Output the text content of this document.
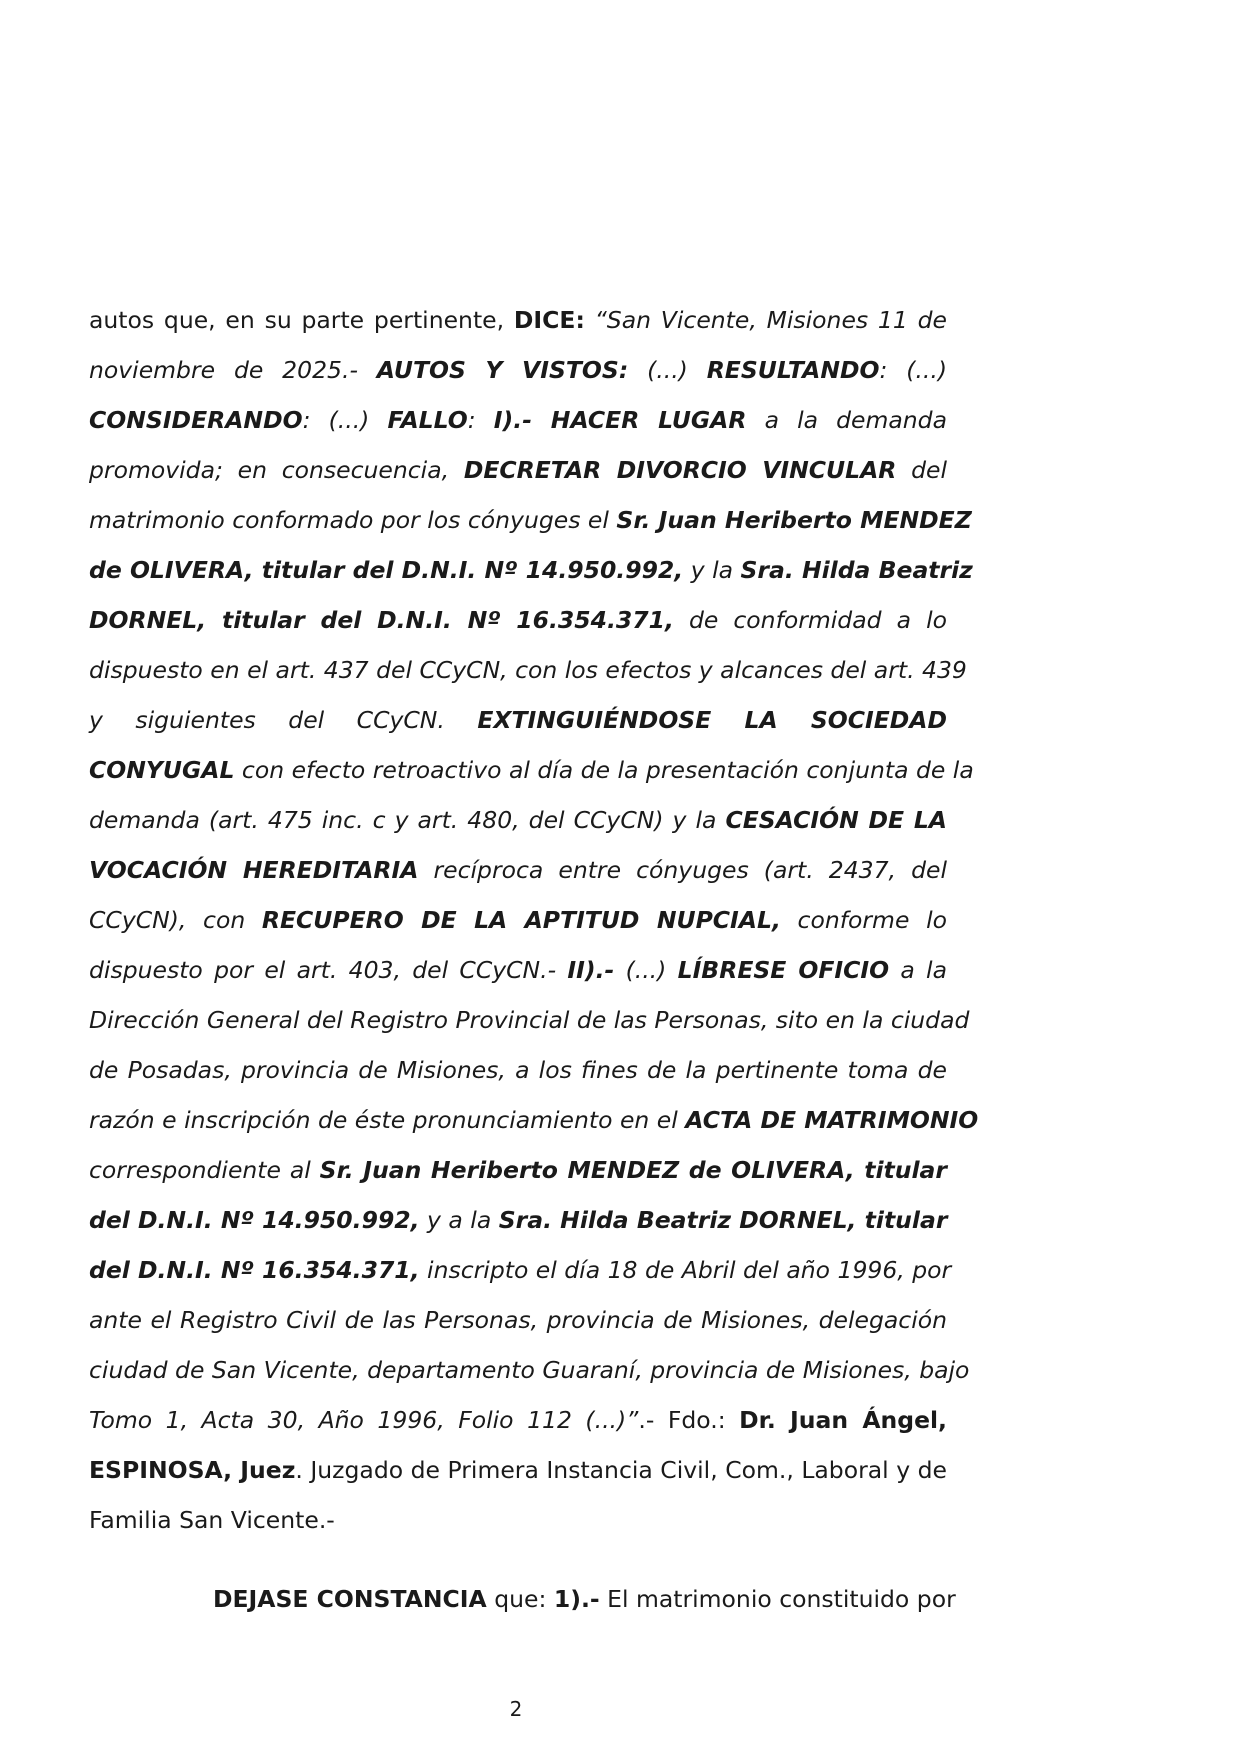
autos que, en su parte pertinente, DICE: “San Vicente, Misiones 11 de
noviembre de 2025.- AUTOS Y VISTOS: (...) RESULTANDO: (...)
CONSIDERANDO: (...) FALLO: I).- HACER LUGAR a la demanda
promovida; en consecuencia, DECRETAR DIVORCIO VINCULAR del
matrimonio conformado por los cónyuges el Sr. Juan Heriberto MENDEZ
de OLIVERA, titular del D.N.I. Nº 14.950.992, y la Sra. Hilda Beatriz
DORNEL, titular del D.N.I. Nº 16.354.371, de conformidad a lo
dispuesto en el art. 437 del CCyCN, con los efectos y alcances del art. 439
y siguientes del CCyCN. EXTINGUIÉNDOSE LA SOCIEDAD
CONYUGAL con efecto retroactivo al día de la presentación conjunta de la
demanda (art. 475 inc. c y art. 480, del CCyCN) y la CESACIÓN DE LA
VOCACIÓN HEREDITARIA recíproca entre cónyuges (art. 2437, del
CCyCN), con RECUPERO DE LA APTITUD NUPCIAL, conforme lo
dispuesto por el art. 403, del CCyCN.- II).- (...) LÍBRESE OFICIO a la
Dirección General del Registro Provincial de las Personas, sito en la ciudad
de Posadas, provincia de Misiones, a los fines de la pertinente toma de
razón e inscripción de éste pronunciamiento en el ACTA DE MATRIMONIO
correspondiente al Sr. Juan Heriberto MENDEZ de OLIVERA, titular
del D.N.I. Nº 14.950.992, y a la Sra. Hilda Beatriz DORNEL, titular
del D.N.I. Nº 16.354.371, inscripto el día 18 de Abril del año 1996, por
ante el Registro Civil de las Personas, provincia de Misiones, delegación
ciudad de San Vicente, departamento Guaraní, provincia de Misiones, bajo
Tomo 1, Acta 30, Año 1996, Folio 112 (...)”.- Fdo.: Dr. Juan Ángel,
ESPINOSA, Juez. Juzgado de Primera Instancia Civil, Com., Laboral y de
Familia San Vicente.-
DEJASE CONSTANCIA que: 1).- El matrimonio constituido por
2
